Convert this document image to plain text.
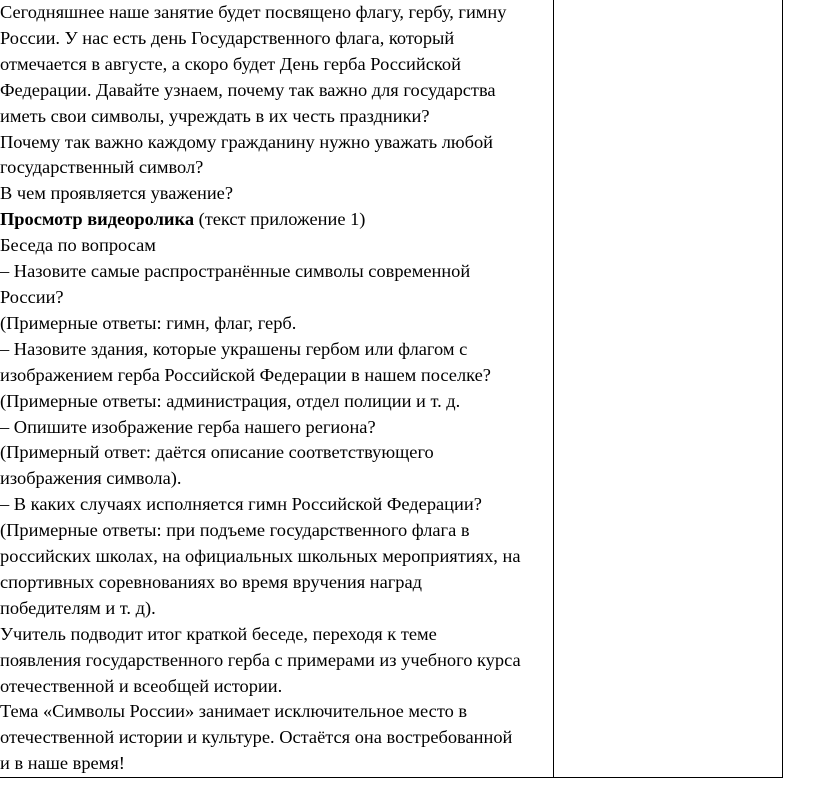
Сегодняшнее наше занятие будет посвящено флагу, гербу, гимну
России. У нас есть день Государственного флага, который
отмечается в августе, а скоро будет День герба Российской
Федерации. Давайте узнаем, почему так важно для государства
иметь свои символы, учреждать в их честь праздники?
Почему так важно каждому гражданину нужно уважать любой
государственный символ?
В чем проявляется уважение?
Просмотр видеоролика (текст приложение 1)
Беседа по вопросам
– Назовите самые распространённые символы современной
России?
(Примерные ответы: гимн, флаг, герб.
– Назовите здания, которые украшены гербом или флагом с
изображением герба Российской Федерации в нашем поселке?
(Примерные ответы: администрация, отдел полиции и т. д.
– Опишите изображение герба нашего региона?
(Примерный ответ: даётся описание соответствующего
изображения символа).
– В каких случаях исполняется гимн Российской Федерации?
(Примерные ответы: при подъеме государственного флага в
российских школах, на официальных школьных мероприятиях, на
спортивных соревнованиях во время вручения наград
победителям и т. д).
Учитель подводит итог краткой беседе, переходя к теме
появления государственного герба с примерами из учебного курса
отечественной и всеобщей истории.
Тема «Символы России» занимает исключительное место в
отечественной истории и культуре. Остаётся она востребованной
и в наше время!
